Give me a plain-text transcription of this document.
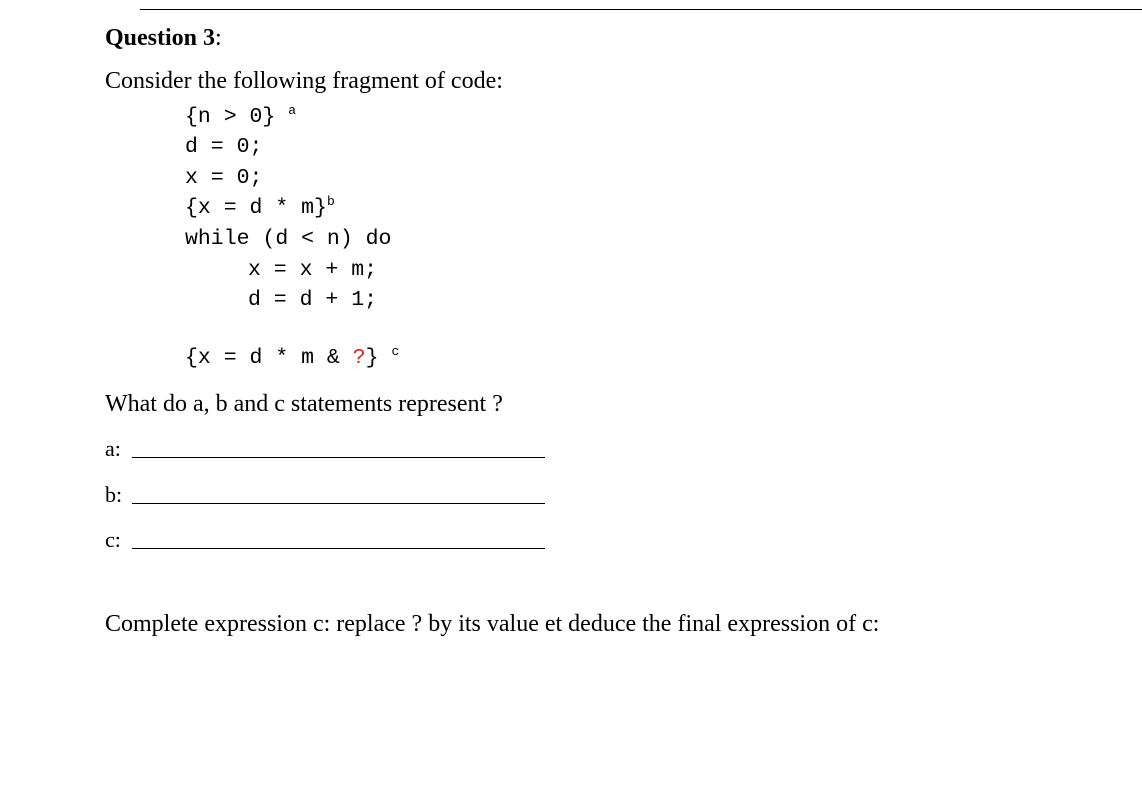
Question 3:
Consider the following fragment of code:
{n > 0} $^a$
d = 0;
x = 0;
{x = d * m}$^b$
while (d < n) do
x = x + m;
d = d + 1;
{x = d * m & ?} $^c$
What do a, b and c statements represent ?
a:
b:
c:
Complete expression c: replace ? by its value et deduce the final expression of c:
